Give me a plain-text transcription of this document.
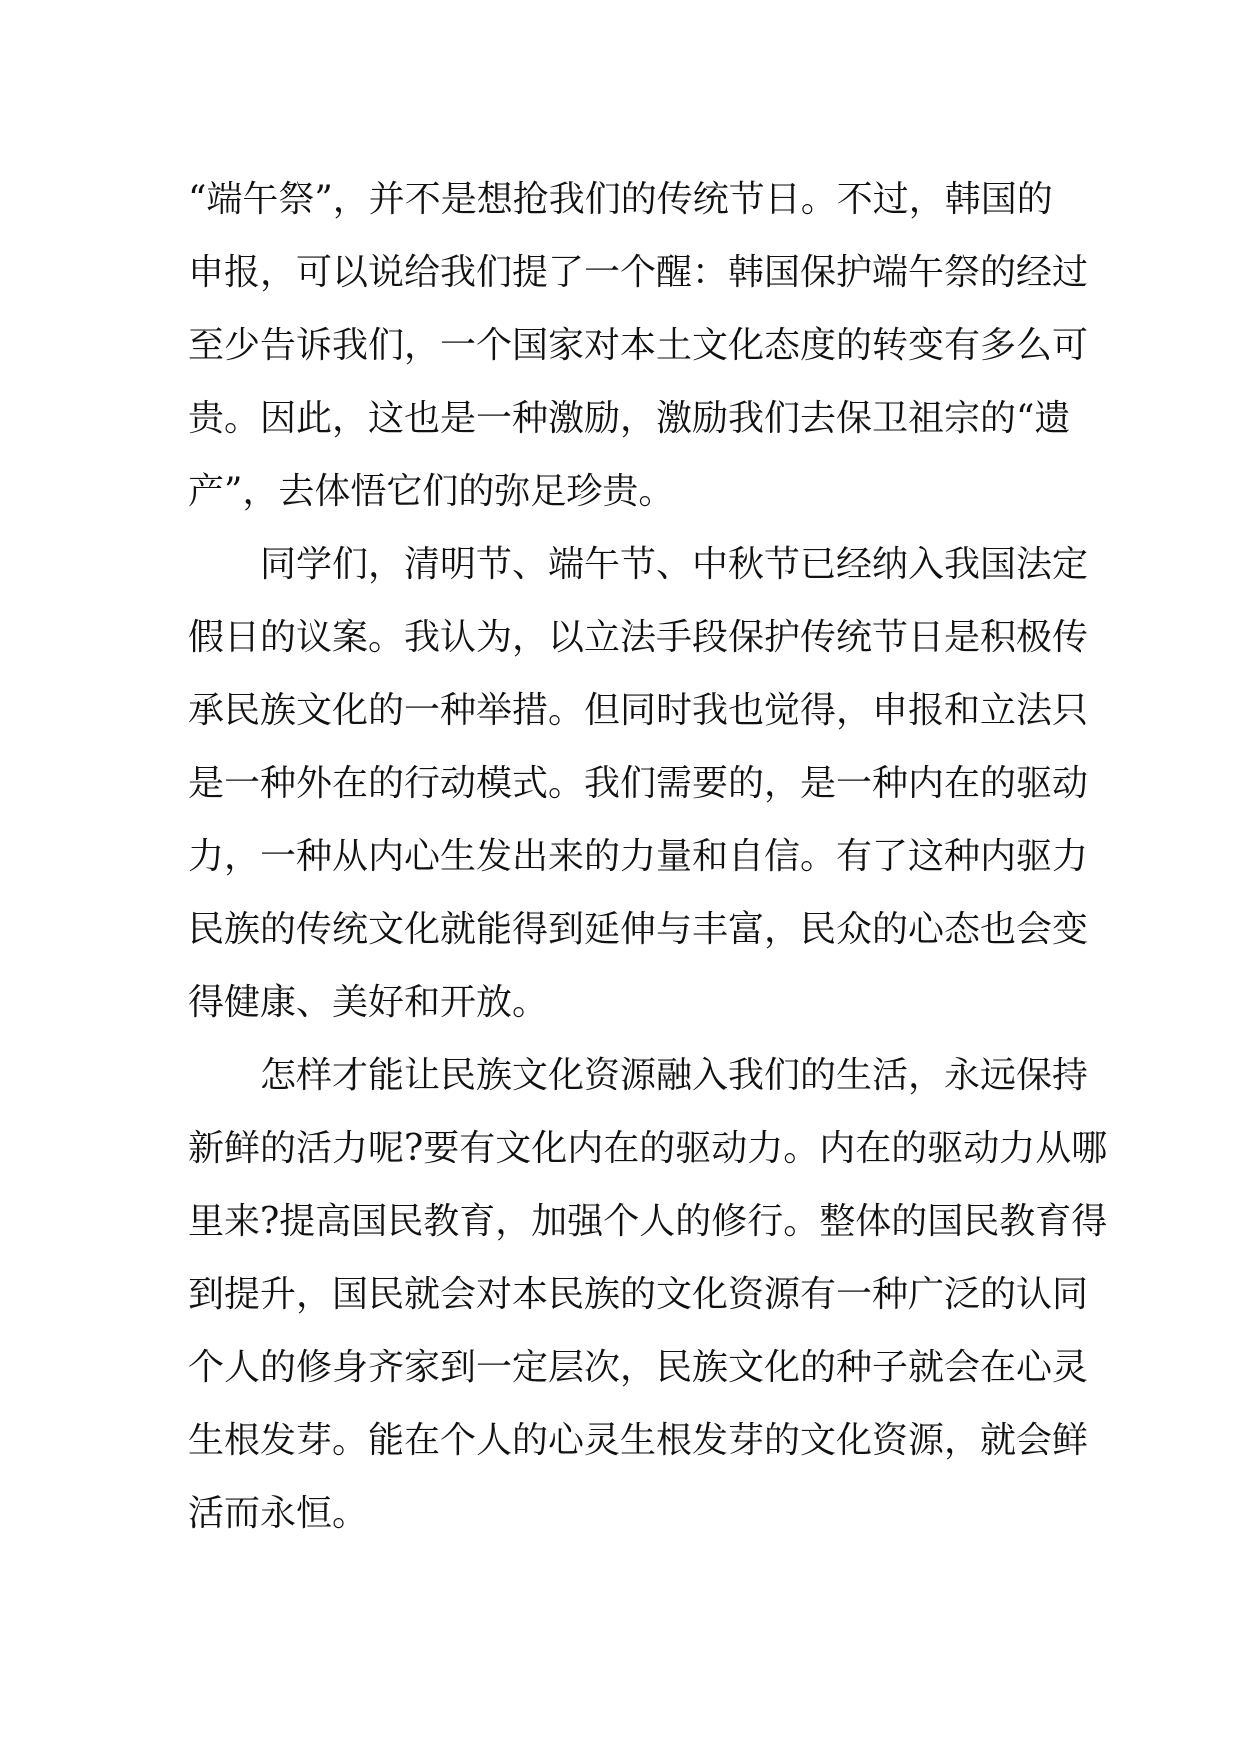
“端午祭”，并不是想抢我们的传统节日。不过，韩国的
申报，可以说给我们提了一个醒：韩国保护端午祭的经过
至少告诉我们，一个国家对本土文化态度的转变有多么可
贵。因此，这也是一种激励，激励我们去保卫祖宗的“遗
产”，去体悟它们的弥足珍贵。

　　同学们，清明节、端午节、中秋节已经纳入我国法定
假日的议案。我认为，以立法手段保护传统节日是积极传
承民族文化的一种举措。但同时我也觉得，申报和立法只
是一种外在的行动模式。我们需要的，是一种内在的驱动
力，一种从内心生发出来的力量和自信。有了这种内驱力
民族的传统文化就能得到延伸与丰富，民众的心态也会变
得健康、美好和开放。

　　怎样才能让民族文化资源融入我们的生活，永远保持
新鲜的活力呢?要有文化内在的驱动力。内在的驱动力从哪
里来?提高国民教育，加强个人的修行。整体的国民教育得
到提升，国民就会对本民族的文化资源有一种广泛的认同
个人的修身齐家到一定层次，民族文化的种子就会在心灵
生根发芽。能在个人的心灵生根发芽的文化资源，就会鲜
活而永恒。
